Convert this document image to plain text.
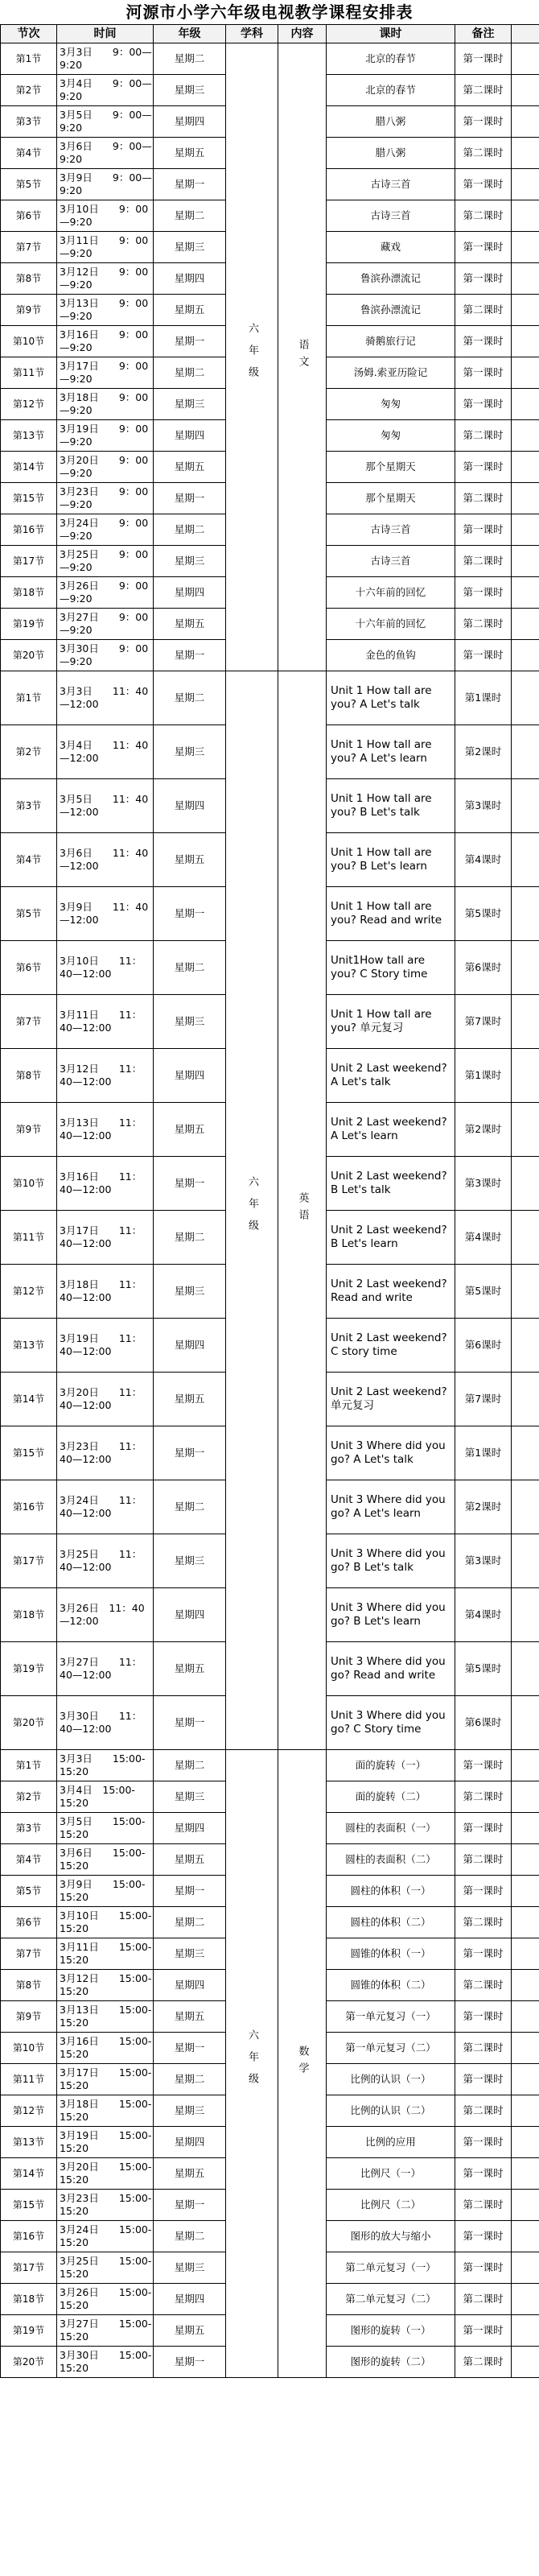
河源市小学六年级电视教学课程安排表
节次	时间	年级	学科	内容	课时	备注	
第1节	3月3日　　9：00—9:20	星期二	六年级	语文	北京的春节	第一课时	
第2节	3月4日　　9：00—9:20	星期三			北京的春节	第二课时	
第3节	3月5日　　9：00—9:20	星期四			腊八粥	第一课时	
第4节	3月6日　　9：00—9:20	星期五			腊八粥	第二课时	
第5节	3月9日　　9：00—9:20	星期一			古诗三首	第一课时	
第6节	3月10日　　9：00—9:20	星期二			古诗三首	第二课时	
第7节	3月11日　　9：00—9:20	星期三			藏戏	第一课时	
第8节	3月12日　　9：00—9:20	星期四			鲁滨孙漂流记	第一课时	
第9节	3月13日　　9：00—9:20	星期五			鲁滨孙漂流记	第二课时	
第10节	3月16日　　9：00—9:20	星期一			骑鹅旅行记	第一课时	
第11节	3月17日　　9：00—9:20	星期二			汤姆.索亚历险记	第一课时	
第12节	3月18日　　9：00—9:20	星期三			匆匆	第一课时	
第13节	3月19日　　9：00—9:20	星期四			匆匆	第二课时	
第14节	3月20日　　9：00—9:20	星期五			那个星期天	第一课时	
第15节	3月23日　　9：00—9:20	星期一			那个星期天	第二课时	
第16节	3月24日　　9：00—9:20	星期二			古诗三首	第一课时	
第17节	3月25日　　9：00—9:20	星期三			古诗三首	第二课时	
第18节	3月26日　　9：00—9:20	星期四			十六年前的回忆	第一课时	
第19节	3月27日　　9：00—9:20	星期五			十六年前的回忆	第二课时	
第20节	3月30日　　9：00—9:20	星期一			金色的鱼钩	第一课时	
第1节	3月3日　　11：40—12:00	星期二	六年级	英语	Unit 1 How tall are you? A Let's talk	第1课时	
第2节	3月4日　　11：40—12:00	星期三			Unit 1 How tall are you? A Let's learn	第2课时	
第3节	3月5日　　11：40—12:00	星期四			Unit 1 How tall are you? B Let's talk	第3课时	
第4节	3月6日　　11：40—12:00	星期五			Unit 1 How tall are you? B Let's learn	第4课时	
第5节	3月9日　　11：40—12:00	星期一			Unit 1 How tall are you? Read and write	第5课时	
第6节	3月10日　　11：40—12:00	星期二			Unit1How tall are you? C Story time	第6课时	
第7节	3月11日　　11：40—12:00	星期三			Unit 1 How tall are you? 单元复习	第7课时	
第8节	3月12日　　11：40—12:00	星期四			Unit 2 Last weekend? A Let's talk	第1课时	
第9节	3月13日　　11：40—12:00	星期五			Unit 2 Last weekend? A Let's learn	第2课时	
第10节	3月16日　　11：40—12:00	星期一			Unit 2 Last weekend? B Let's talk	第3课时	
第11节	3月17日　　11：40—12:00	星期二			Unit 2 Last weekend? B Let's learn	第4课时	
第12节	3月18日　　11：40—12:00	星期三			Unit 2 Last weekend? Read and write	第5课时	
第13节	3月19日　　11：40—12:00	星期四			Unit 2 Last weekend? C story time	第6课时	
第14节	3月20日　　11：40—12:00	星期五			Unit 2 Last weekend? 单元复习	第7课时	
第15节	3月23日　　11：40—12:00	星期一			Unit 3 Where did you go? A Let's talk	第1课时	
第16节	3月24日　　11：40—12:00	星期二			Unit 3 Where did you go? A Let's learn	第2课时	
第17节	3月25日　　11：40—12:00	星期三			Unit 3 Where did you go? B Let's talk	第3课时	
第18节	3月26日　11：40—12:00	星期四			Unit 3 Where did you go? B Let's learn	第4课时	
第19节	3月27日　　11：40—12:00	星期五			Unit 3 Where did you go? Read and write	第5课时	
第20节	3月30日　　11：40—12:00	星期一			Unit 3 Where did you go? C Story time	第6课时	
第1节	3月3日　　15:00-15:20	星期二	六年级	数学	面的旋转（一）	第一课时	
第2节	3月4日　15:00-15:20	星期三			面的旋转（二）	第二课时	
第3节	3月5日　　15:00-15:20	星期四			圆柱的表面积（一）	第一课时	
第4节	3月6日　　15:00-15:20	星期五			圆柱的表面积（二）	第二课时	
第5节	3月9日　　15:00-15:20	星期一			圆柱的体积（一）	第一课时	
第6节	3月10日　　15:00-15:20	星期二			圆柱的体积（二）	第二课时	
第7节	3月11日　　15:00-15:20	星期三			圆锥的体积（一）	第一课时	
第8节	3月12日　　15:00-15:20	星期四			圆锥的体积（二）	第二课时	
第9节	3月13日　　15:00-15:20	星期五			第一单元复习（一）	第一课时	
第10节	3月16日　　15:00-15:20	星期一			第一单元复习（二）	第二课时	
第11节	3月17日　　15:00-15:20	星期二			比例的认识（一）	第一课时	
第12节	3月18日　　15:00-15:20	星期三			比例的认识（二）	第二课时	
第13节	3月19日　　15:00-15:20	星期四			比例的应用	第一课时	
第14节	3月20日　　15:00-15:20	星期五			比例尺（一）	第一课时	
第15节	3月23日　　15:00-15:20	星期一			比例尺（二）	第二课时	
第16节	3月24日　　15:00-15:20	星期二			图形的放大与缩小	第一课时	
第17节	3月25日　　15:00-15:20	星期三			第二单元复习（一）	第一课时	
第18节	3月26日　　15:00-15:20	星期四			第二单元复习（二）	第二课时	
第19节	3月27日　　15:00-15:20	星期五			图形的旋转（一）	第一课时	
第20节	3月30日　　15:00-15:20	星期一			图形的旋转（二）	第二课时	
